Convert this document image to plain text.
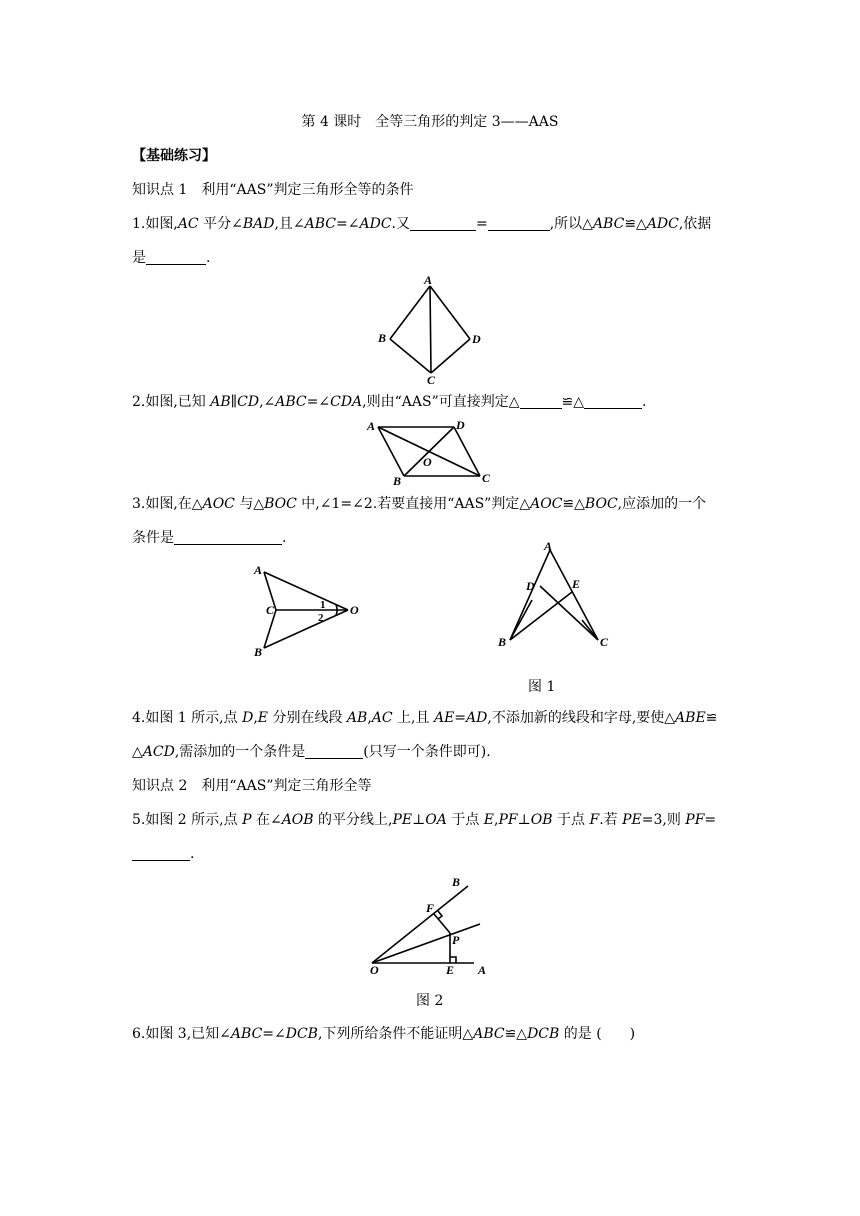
第 4 课时　全等三角形的判定 3——AAS
【基础练习】
知识点 1　 利用“AAS”判定三角形全等的条件
1.如图,AC 平分∠BAD,且∠ABC=∠ADC.又	=	,所以△ABC≌△ADC,依据
是	.
A
B	D
C
2.如图,已知 AB∥CD,∠ABC=∠CDA,则由“AAS”可直接判定△	≌△	.
A	D
O
B	C
3.如图,在△AOC 与△BOC 中,∠1=∠2.若要直接用“AAS”判定△AOC≌△BOC,应添加的一个
条件是	.
A
C
B
O
1
2
A
D	E
B	C
图 1
4.如图 1 所示,点 D,E 分别在线段 AB,AC 上,且 AE=AD,不添加新的线段和字母,要使△ABE≌
△ACD,需添加的一个条件是	(只写一个条件即可).
知识点 2　 利用“AAS”判定三角形全等
5.如图 2 所示,点 P 在∠AOB 的平分线上,PE⊥OA 于点 E,PF⊥OB 于点 F.若 PE=3,则 PF=
.
B
F
P
O	E A
图 2
6.如图 3,已知∠ABC=∠DCB,下列所给条件不能证明△ABC≌△DCB 的是 (　　)
